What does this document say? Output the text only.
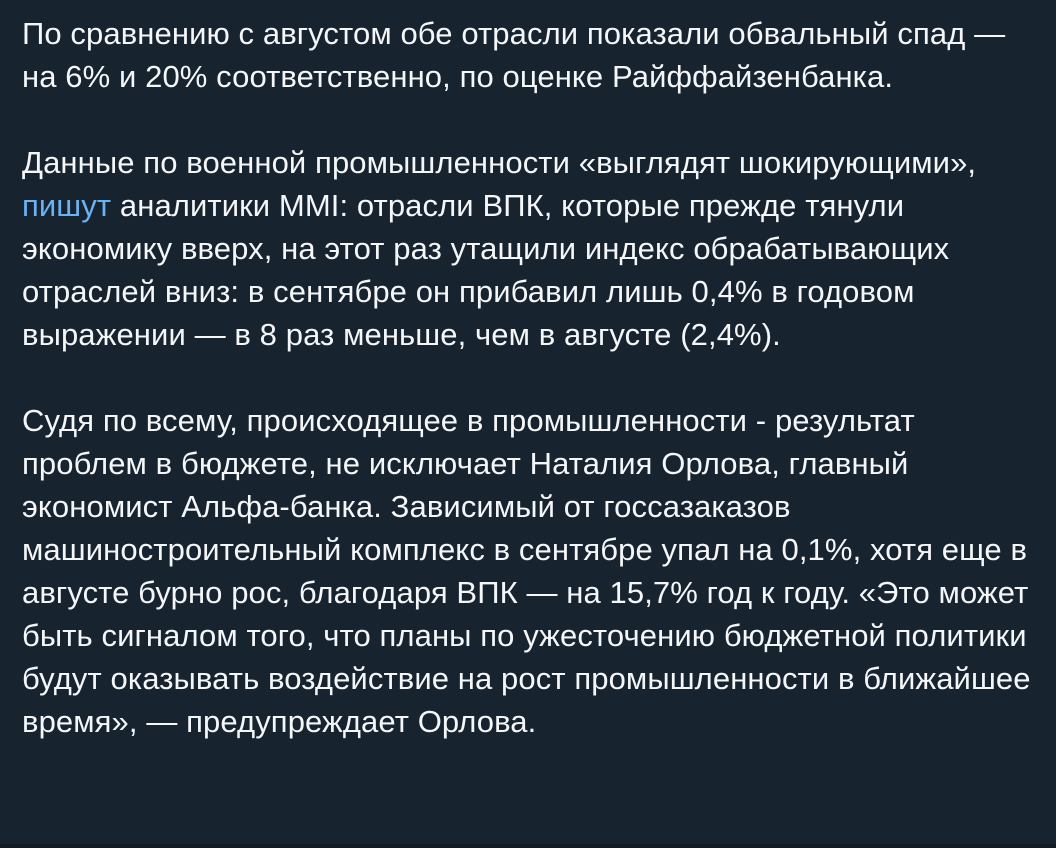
По сравнению с августом обе отрасли показали обвальный спад — на 6% и 20% соответственно, по оценке Райффайзенбанка.

Данные по военной промышленности «выглядят шокирующими», пишут аналитики MMI: отрасли ВПК, которые прежде тянули экономику вверх, на этот раз утащили индекс обрабатывающих отраслей вниз: в сентябре он прибавил лишь 0,4% в годовом выражении — в 8 раз меньше, чем в августе (2,4%).

Судя по всему, происходящее в промышленности - результат проблем в бюджете, не исключает Наталия Орлова, главный экономист Альфа-банка. Зависимый от госсазаказов машиностроительный комплекс в сентябре упал на 0,1%, хотя еще в августе бурно рос, благодаря ВПК — на 15,7% год к году. «Это может быть сигналом того, что планы по ужесточению бюджетной политики будут оказывать воздействие на рост промышленности в ближайшее время», — предупреждает Орлова.
